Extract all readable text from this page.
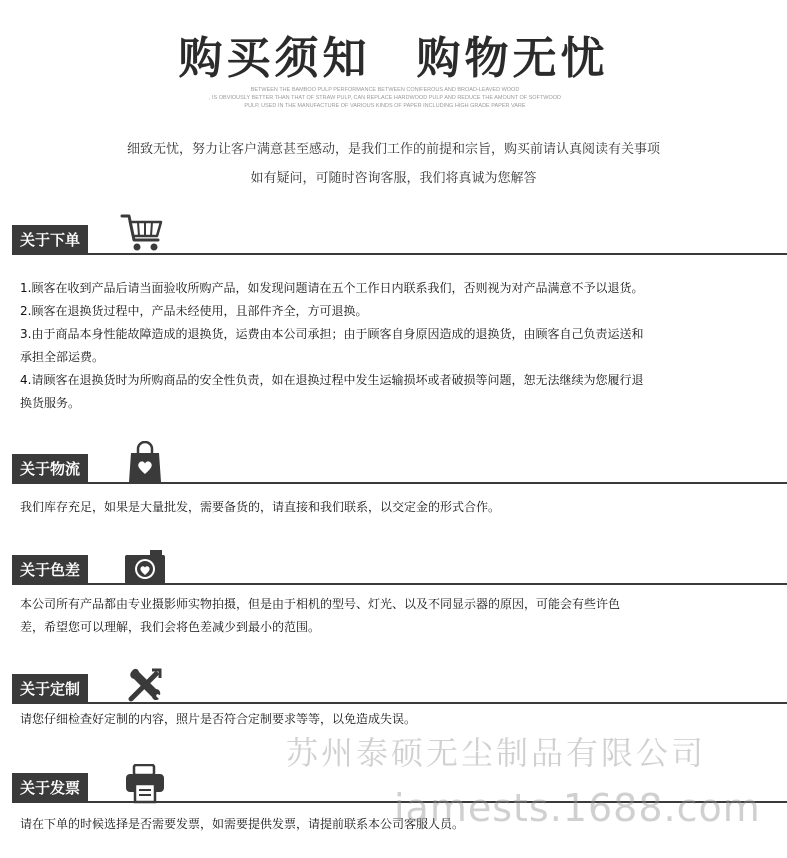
购买须知 购物无忧
BETWEEN THE BAMBOO PULP PERFORMANCE BETWEEN CONIFEROUS AND BROAD-LEAVED WOOD
, IS OBVIOUSLY BETTER THAN THAT OF STRAW PULP, CAN REPLACE HARDWOOD PULP AND REDUCE THE AMOUNT OF SOFTWOOD
PULP, USED IN THE MANUFACTURE OF VARIOUS KINDS OF PAPER INCLUDING HIGH GRADE PAPER VARE
细致无忧，努力让客户满意甚至感动，是我们工作的前提和宗旨，购买前请认真阅读有关事项
如有疑问，可随时咨询客服，我们将真诚为您解答
关于下单

1.顾客在收到产品后请当面验收所购产品，如发现问题请在五个工作日内联系我们，否则视为对产品满意不予以退货。

2.顾客在退换货过程中，产品未经使用，且部件齐全，方可退换。

3.由于商品本身性能故障造成的退换货，运费由本公司承担；由于顾客自身原因造成的退换货，由顾客自己负责运送和

承担全部运费。

4.请顾客在退换货时为所购商品的安全性负责，如在退换过程中发生运输损坏或者破损等问题，恕无法继续为您履行退

换货服务。

关于物流

我们库存充足，如果是大量批发，需要备货的，请直接和我们联系，以交定金的形式合作。

关于色差

本公司所有产品都由专业摄影师实物拍摄，但是由于相机的型号、灯光、以及不同显示器的原因，可能会有些许色

差，希望您可以理解，我们会将色差减少到最小的范围。

关于定制

请您仔细检查好定制的内容，照片是否符合定制要求等等，以免造成失误。

关于发票

请在下单的时候选择是否需要发票，如需要提供发票，请提前联系本公司客服人员。

苏州泰硕无尘制品有限公司
iamests.1688.com
